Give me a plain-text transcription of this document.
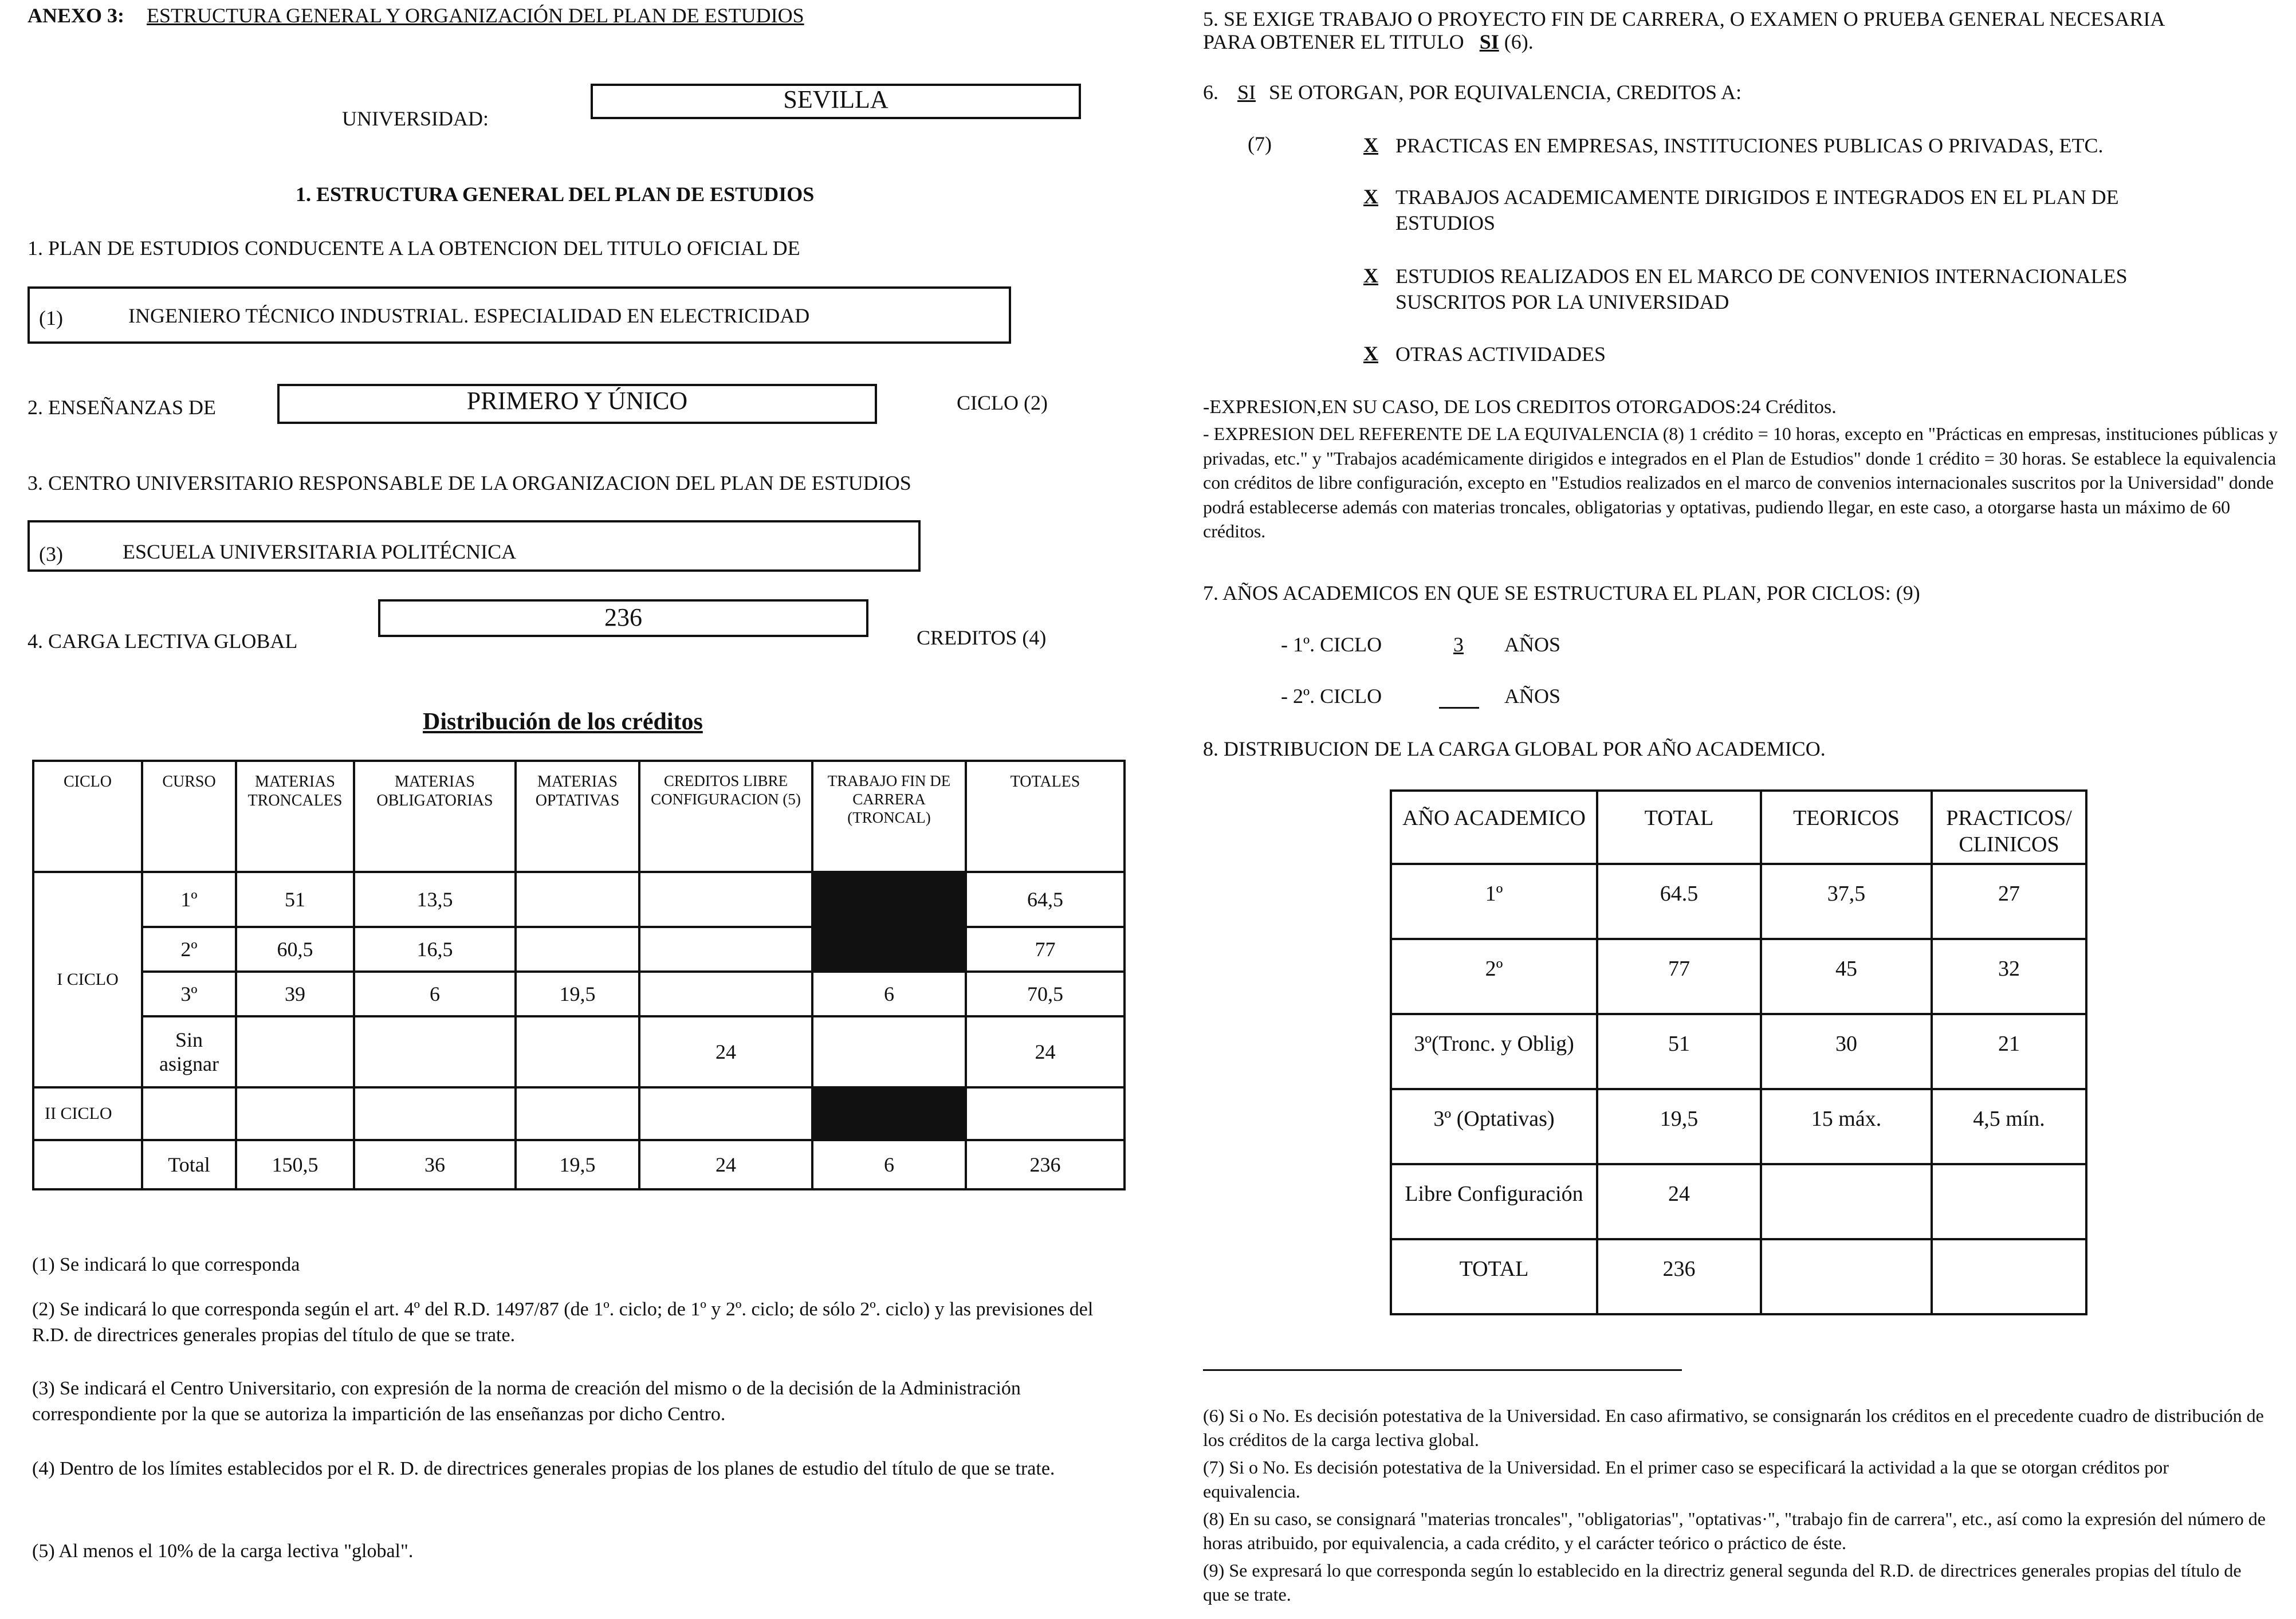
ANEXO 3: ESTRUCTURA GENERAL Y ORGANIZACIÓN DEL PLAN DE ESTUDIOS
UNIVERSIDAD:
SEVILLA
1. ESTRUCTURA GENERAL DEL PLAN DE ESTUDIOS
1. PLAN DE ESTUDIOS CONDUCENTE A LA OBTENCION DEL TITULO OFICIAL DE
(1)	INGENIERO TÉCNICO INDUSTRIAL. ESPECIALIDAD EN ELECTRICIDAD
2. ENSEÑANZAS DE	PRIMERO Y ÚNICO	CICLO (2)
3. CENTRO UNIVERSITARIO RESPONSABLE DE LA ORGANIZACION DEL PLAN DE ESTUDIOS
(3)	ESCUELA UNIVERSITARIA POLITÉCNICA
236
4. CARGA LECTIVA GLOBAL	CREDITOS (4)
Distribución de los créditos
CICLO	CURSO	MATERIAS TRONCALES	MATERIAS OBLIGATORIAS	MATERIAS OPTATIVAS	CREDITOS LIBRE CONFIGURACION (5)	TRABAJO FIN DE CARRERA (TRONCAL)	TOTALES
I CICLO	1º	51	13,5				64,5
	2º	60,5	16,5				77
	3º	39	6	19,5		6	70,5
	Sin asignar				24		24
II CICLO							
	Total	150,5	36	19,5	24	6	236
(1) Se indicará lo que corresponda
(2) Se indicará lo que corresponda según el art. 4º del R.D. 1497/87 (de 1º. ciclo; de 1º y 2º. ciclo; de sólo 2º. ciclo) y las previsiones del R.D. de directrices generales propias del título de que se trate.
(3) Se indicará el Centro Universitario, con expresión de la norma de creación del mismo o de la decisión de la Administración correspondiente por la que se autoriza la impartición de las enseñanzas por dicho Centro.
(4) Dentro de los límites establecidos por el R. D. de directrices generales propias de los planes de estudio del título de que se trate.
(5) Al menos el 10% de la carga lectiva "global".
5. SE EXIGE TRABAJO O PROYECTO FIN DE CARRERA, O EXAMEN O PRUEBA GENERAL NECESARIA
PARA OBTENER EL TITULO SI (6).
6. SI SE OTORGAN, POR EQUIVALENCIA, CREDITOS A:
(7)	X PRACTICAS EN EMPRESAS, INSTITUCIONES PUBLICAS O PRIVADAS, ETC.
X TRABAJOS ACADEMICAMENTE DIRIGIDOS E INTEGRADOS EN EL PLAN DE ESTUDIOS
X ESTUDIOS REALIZADOS EN EL MARCO DE CONVENIOS INTERNACIONALES SUSCRITOS POR LA UNIVERSIDAD
X OTRAS ACTIVIDADES
-EXPRESION,EN SU CASO, DE LOS CREDITOS OTORGADOS:24 Créditos.
- EXPRESION DEL REFERENTE DE LA EQUIVALENCIA (8) 1 crédito = 10 horas, excepto en "Prácticas en empresas, instituciones públicas y privadas, etc." y "Trabajos académicamente dirigidos e integrados en el Plan de Estudios" donde 1 crédito = 30 horas. Se establece la equivalencia con créditos de libre configuración, excepto en "Estudios realizados en el marco de convenios internacionales suscritos por la Universidad" donde podrá establecerse además con materias troncales, obligatorias y optativas, pudiendo llegar, en este caso, a otorgarse hasta un máximo de 60 créditos.
7. AÑOS ACADEMICOS EN QUE SE ESTRUCTURA EL PLAN, POR CICLOS: (9)
- 1º. CICLO	3	AÑOS
- 2º. CICLO	AÑOS
8. DISTRIBUCION DE LA CARGA GLOBAL POR AÑO ACADEMICO.
AÑO ACADEMICO	TOTAL	TEORICOS	PRACTICOS/ CLINICOS
1º	64.5	37,5	27
2º	77	45	32
3º(Tronc. y Oblig)	51	30	21
3º (Optativas)	19,5	15 máx.	4,5 mín.
Libre Configuración	24		
TOTAL	236		
(6) Si o No. Es decisión potestativa de la Universidad. En caso afirmativo, se consignarán los créditos en el precedente cuadro de distribución de los créditos de la carga lectiva global.
(7) Si o No. Es decisión potestativa de la Universidad. En el primer caso se especificará la actividad a la que se otorgan créditos por equivalencia.
(8) En su caso, se consignará "materias troncales", "obligatorias", "optativas·", "trabajo fin de carrera", etc., así como la expresión del número de horas atribuido, por equivalencia, a cada crédito, y el carácter teórico o práctico de éste.
(9) Se expresará lo que corresponda según lo establecido en la directriz general segunda del R.D. de directrices generales propias del título de que se trate.
